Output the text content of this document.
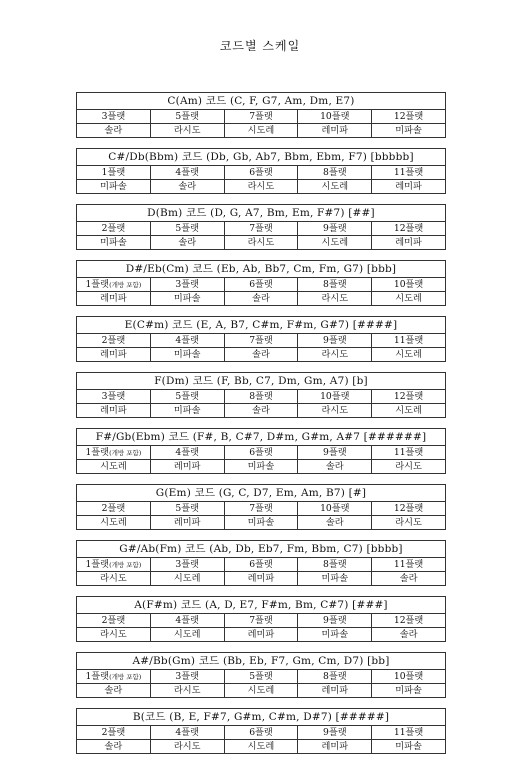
코드별 스케일
C(Am) 코드 (C, F, G7, Am, Dm, E7)				
3플랫	5플랫	7플랫	10플랫	12플랫
솔라	라시도	시도레	레미파	미파솔
C#/Db(Bbm) 코드 (Db, Gb, Ab7, Bbm, Ebm, F7) [bbbbb]				
1플랫	4플랫	6플랫	8플랫	11플랫
미파솔	솔라	라시도	시도레	레미파
D(Bm) 코드 (D, G, A7, Bm, Em, F#7) [##]				
2플랫	5플랫	7플랫	9플랫	12플랫
미파솔	솔라	라시도	시도레	레미파
D#/Eb(Cm) 코드 (Eb, Ab, Bb7, Cm, Fm, G7) [bbb]				
1플랫(개방 포함)	3플랫	6플랫	8플랫	10플랫
레미파	미파솔	솔라	라시도	시도레
E(C#m) 코드 (E, A, B7, C#m, F#m, G#7) [####]				
2플랫	4플랫	7플랫	9플랫	11플랫
레미파	미파솔	솔라	라시도	시도레
F(Dm) 코드 (F, Bb, C7, Dm, Gm, A7) [b]				
3플랫	5플랫	8플랫	10플랫	12플랫
레미파	미파솔	솔라	라시도	시도레
F#/Gb(Ebm) 코드 (F#, B, C#7, D#m, G#m, A#7 [######]				
1플랫(개방 포함)	4플랫	6플랫	9플랫	11플랫
시도레	레미파	미파솔	솔라	라시도
G(Em) 코드 (G, C, D7, Em, Am, B7) [#]				
2플랫	5플랫	7플랫	10플랫	12플랫
시도레	레미파	미파솔	솔라	라시도
G#/Ab(Fm) 코드 (Ab, Db, Eb7, Fm, Bbm, C7) [bbbb]				
1플랫(개방 포함)	3플랫	6플랫	8플랫	11플랫
라시도	시도레	레미파	미파솔	솔라
A(F#m) 코드 (A, D, E7, F#m, Bm, C#7) [###]				
2플랫	4플랫	7플랫	9플랫	12플랫
라시도	시도레	레미파	미파솔	솔라
A#/Bb(Gm) 코드 (Bb, Eb, F7, Gm, Cm, D7) [bb]				
1플랫(개방 포함)	3플랫	5플랫	8플랫	10플랫
솔라	라시도	시도레	레미파	미파솔
B(코드 (B, E, F#7, G#m, C#m, D#7) [#####]				
2플랫	4플랫	6플랫	9플랫	11플랫
솔라	라시도	시도레	레미파	미파솔
